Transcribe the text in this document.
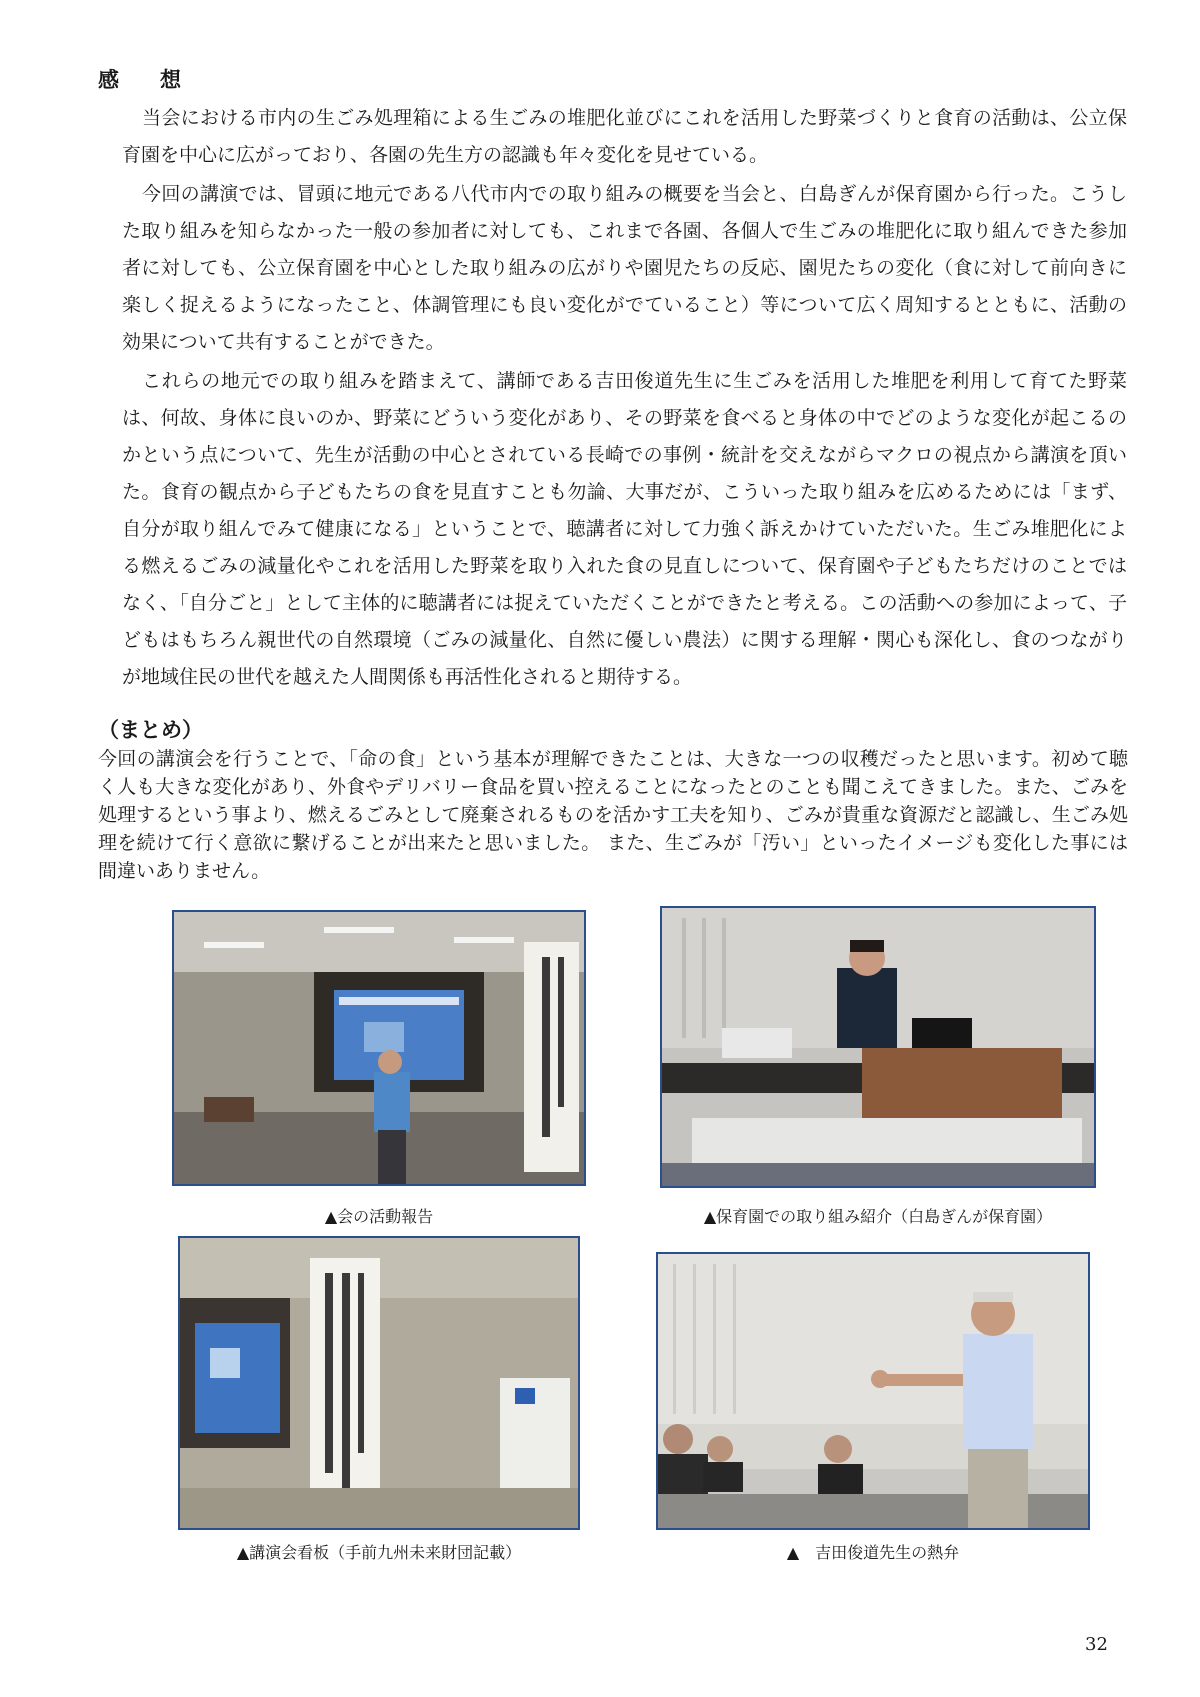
感　想

当会における市内の生ごみ処理箱による生ごみの堆肥化並びにこれを活用した野菜づくりと食育の活動は、公立保育園を中心に広がっており、各園の先生方の認識も年々変化を見せている。

今回の講演では、冒頭に地元である八代市内での取り組みの概要を当会と、白島ぎんが保育園から行った。こうした取り組みを知らなかった一般の参加者に対しても、これまで各園、各個人で生ごみの堆肥化に取り組んできた参加者に対しても、公立保育園を中心とした取り組みの広がりや園児たちの反応、園児たちの変化（食に対して前向きに楽しく捉えるようになったこと、体調管理にも良い変化がでていること）等について広く周知するとともに、活動の効果について共有することができた。

これらの地元での取り組みを踏まえて、講師である吉田俊道先生に生ごみを活用した堆肥を利用して育てた野菜は、何故、身体に良いのか、野菜にどういう変化があり、その野菜を食べると身体の中でどのような変化が起こるのかという点について、先生が活動の中心とされている長崎での事例・統計を交えながらマクロの視点から講演を頂いた。食育の観点から子どもたちの食を見直すことも勿論、大事だが、こういった取り組みを広めるためには「まず、自分が取り組んでみて健康になる」ということで、聴講者に対して力強く訴えかけていただいた。生ごみ堆肥化による燃えるごみの減量化やこれを活用した野菜を取り入れた食の見直しについて、保育園や子どもたちだけのことではなく、「自分ごと」として主体的に聴講者には捉えていただくことができたと考える。この活動への参加によって、子どもはもちろん親世代の自然環境（ごみの減量化、自然に優しい農法）に関する理解・関心も深化し、食のつながりが地域住民の世代を越えた人間関係も再活性化されると期待する。

（まとめ）

今回の講演会を行うことで、「命の食」という基本が理解できたことは、大きな一つの収穫だったと思います。初めて聴く人も大きな変化があり、外食やデリバリー食品を買い控えることになったとのことも聞こえてきました。また、ごみを処理するという事より、燃えるごみとして廃棄されるものを活かす工夫を知り、ごみが貴重な資源だと認識し、生ごみ処理を続けて行く意欲に繋げることが出来たと思いました。 また、生ごみが「汚い」といったイメージも変化した事には間違いありません。

▲会の活動報告	▲保育園での取り組み紹介（白島ぎんが保育園）
▲講演会看板（手前九州未来財団記載）	▲　吉田俊道先生の熱弁
32
